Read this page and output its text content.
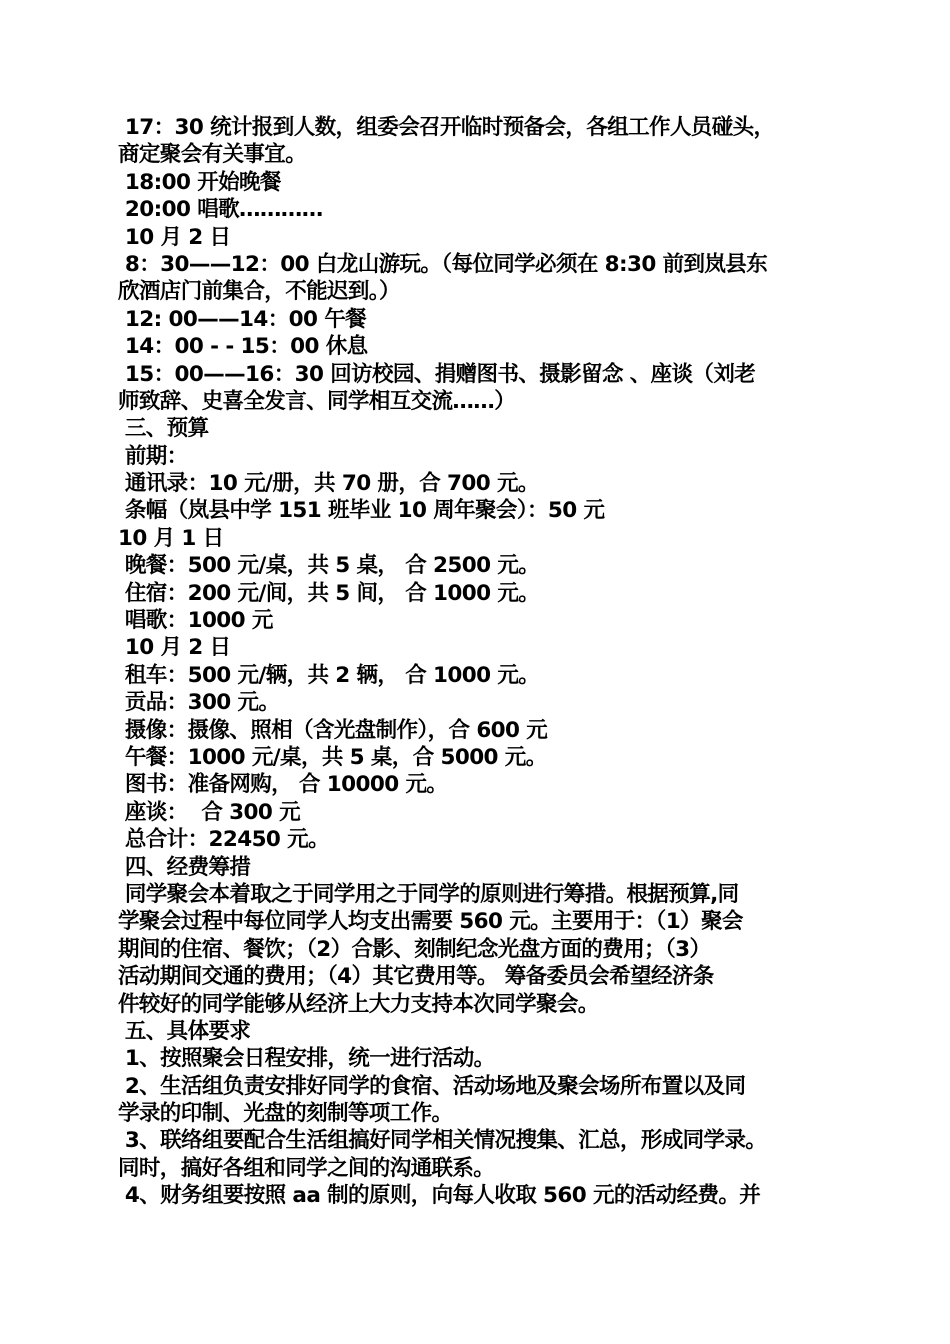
17：30 统计报到人数，组委会召开临时预备会，各组工作人员碰头，
商定聚会有关事宜。
18:00 开始晚餐
20:00 唱歌…………
10 月 2 日
8：30——12：00 白龙山游玩。（每位同学必须在 8:30 前到岚县东
欣酒店门前集合，不能迟到。）
12: 00——14：00 午餐
14：00 - - 15：00 休息
15：00——16：30 回访校园、捐赠图书、摄影留念 、座谈（刘老
师致辞、史喜全发言、同学相互交流……）
三、预算
前期：
通讯录：10 元/册，共 70 册，合 700 元。
条幅（岚县中学 151 班毕业 10 周年聚会）：50 元
10 月 1 日
晚餐：500 元/桌，共 5 桌， 合 2500 元。
住宿：200 元/间，共 5 间， 合 1000 元。
唱歌：1000 元
10 月 2 日
租车：500 元/辆，共 2 辆， 合 1000 元。
贡品：300 元。
摄像：摄像、照相（含光盘制作），合 600 元
午餐：1000 元/桌，共 5 桌，合 5000 元。
图书：准备网购， 合 10000 元。
座谈：  合 300 元
总合计：22450 元。
四、经费筹措
同学聚会本着取之于同学用之于同学的原则进行筹措。根据预算,同
学聚会过程中每位同学人均支出需要 560 元。主要用于：（1）聚会
期间的住宿、餐饮；（2）合影、刻制纪念光盘方面的费用；（3）
活动期间交通的费用；（4）其它费用等。 筹备委员会希望经济条
件较好的同学能够从经济上大力支持本次同学聚会。
五、具体要求
1、按照聚会日程安排，统一进行活动。
2、生活组负责安排好同学的食宿、活动场地及聚会场所布置以及同
学录的印制、光盘的刻制等项工作。
3、联络组要配合生活组搞好同学相关情况搜集、汇总，形成同学录。
同时，搞好各组和同学之间的沟通联系。
4、财务组要按照 aa 制的原则，向每人收取 560 元的活动经费。并
